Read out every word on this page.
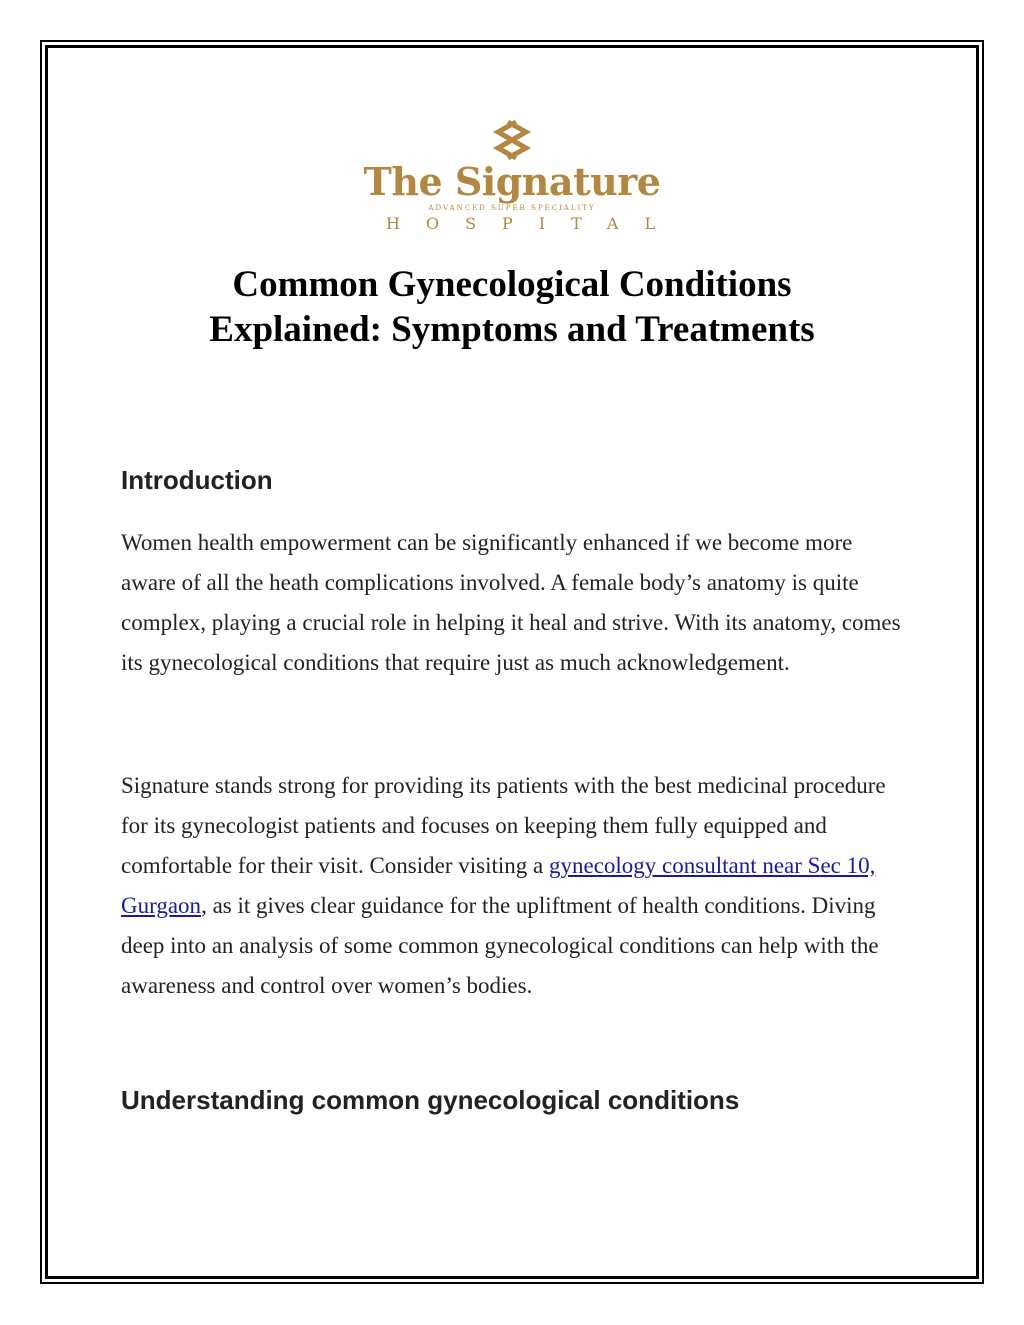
The Signature
ADVANCED SUPER SPECIALITY
HOSPITAL
Common Gynecological Conditions
Explained: Symptoms and Treatments
Introduction

Women health empowerment can be significantly enhanced if we become more aware of all the heath complications involved. A female body’s anatomy is quite complex, playing a crucial role in helping it heal and strive. With its anatomy, comes its gynecological conditions that require just as much acknowledgement.

Signature stands strong for providing its patients with the best medicinal procedure for its gynecologist patients and focuses on keeping them fully equipped and comfortable for their visit. Consider visiting a gynecology consultant near Sec 10, Gurgaon, as it gives clear guidance for the upliftment of health conditions. Diving deep into an analysis of some common gynecological conditions can help with the awareness and control over women’s bodies.

Understanding common gynecological conditions
